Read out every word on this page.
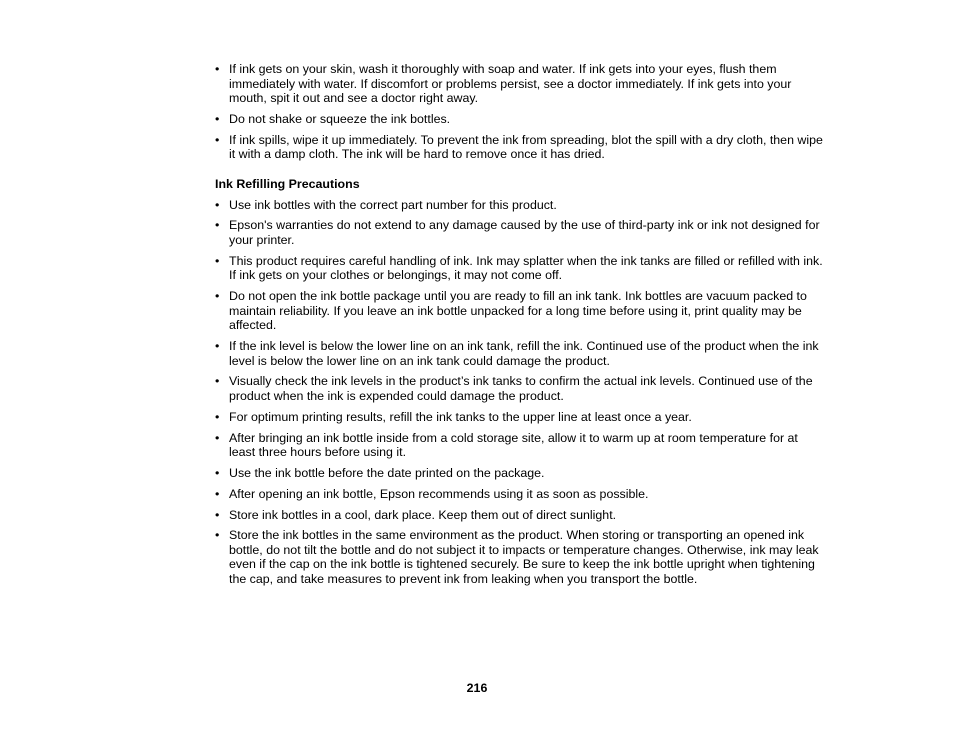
• If ink gets on your skin, wash it thoroughly with soap and water. If ink gets into your eyes, flush them immediately with water. If discomfort or problems persist, see a doctor immediately. If ink gets into your mouth, spit it out and see a doctor right away.
• Do not shake or squeeze the ink bottles.
• If ink spills, wipe it up immediately. To prevent the ink from spreading, blot the spill with a dry cloth, then wipe it with a damp cloth. The ink will be hard to remove once it has dried.
Ink Refilling Precautions
• Use ink bottles with the correct part number for this product.
• Epson's warranties do not extend to any damage caused by the use of third-party ink or ink not designed for your printer.
• This product requires careful handling of ink. Ink may splatter when the ink tanks are filled or refilled with ink. If ink gets on your clothes or belongings, it may not come off.
• Do not open the ink bottle package until you are ready to fill an ink tank. Ink bottles are vacuum packed to maintain reliability. If you leave an ink bottle unpacked for a long time before using it, print quality may be affected.
• If the ink level is below the lower line on an ink tank, refill the ink. Continued use of the product when the ink level is below the lower line on an ink tank could damage the product.
• Visually check the ink levels in the product’s ink tanks to confirm the actual ink levels. Continued use of the product when the ink is expended could damage the product.
• For optimum printing results, refill the ink tanks to the upper line at least once a year.
• After bringing an ink bottle inside from a cold storage site, allow it to warm up at room temperature for at least three hours before using it.
• Use the ink bottle before the date printed on the package.
• After opening an ink bottle, Epson recommends using it as soon as possible.
• Store ink bottles in a cool, dark place. Keep them out of direct sunlight.
• Store the ink bottles in the same environment as the product. When storing or transporting an opened ink bottle, do not tilt the bottle and do not subject it to impacts or temperature changes. Otherwise, ink may leak even if the cap on the ink bottle is tightened securely. Be sure to keep the ink bottle upright when tightening the cap, and take measures to prevent ink from leaking when you transport the bottle.
216
